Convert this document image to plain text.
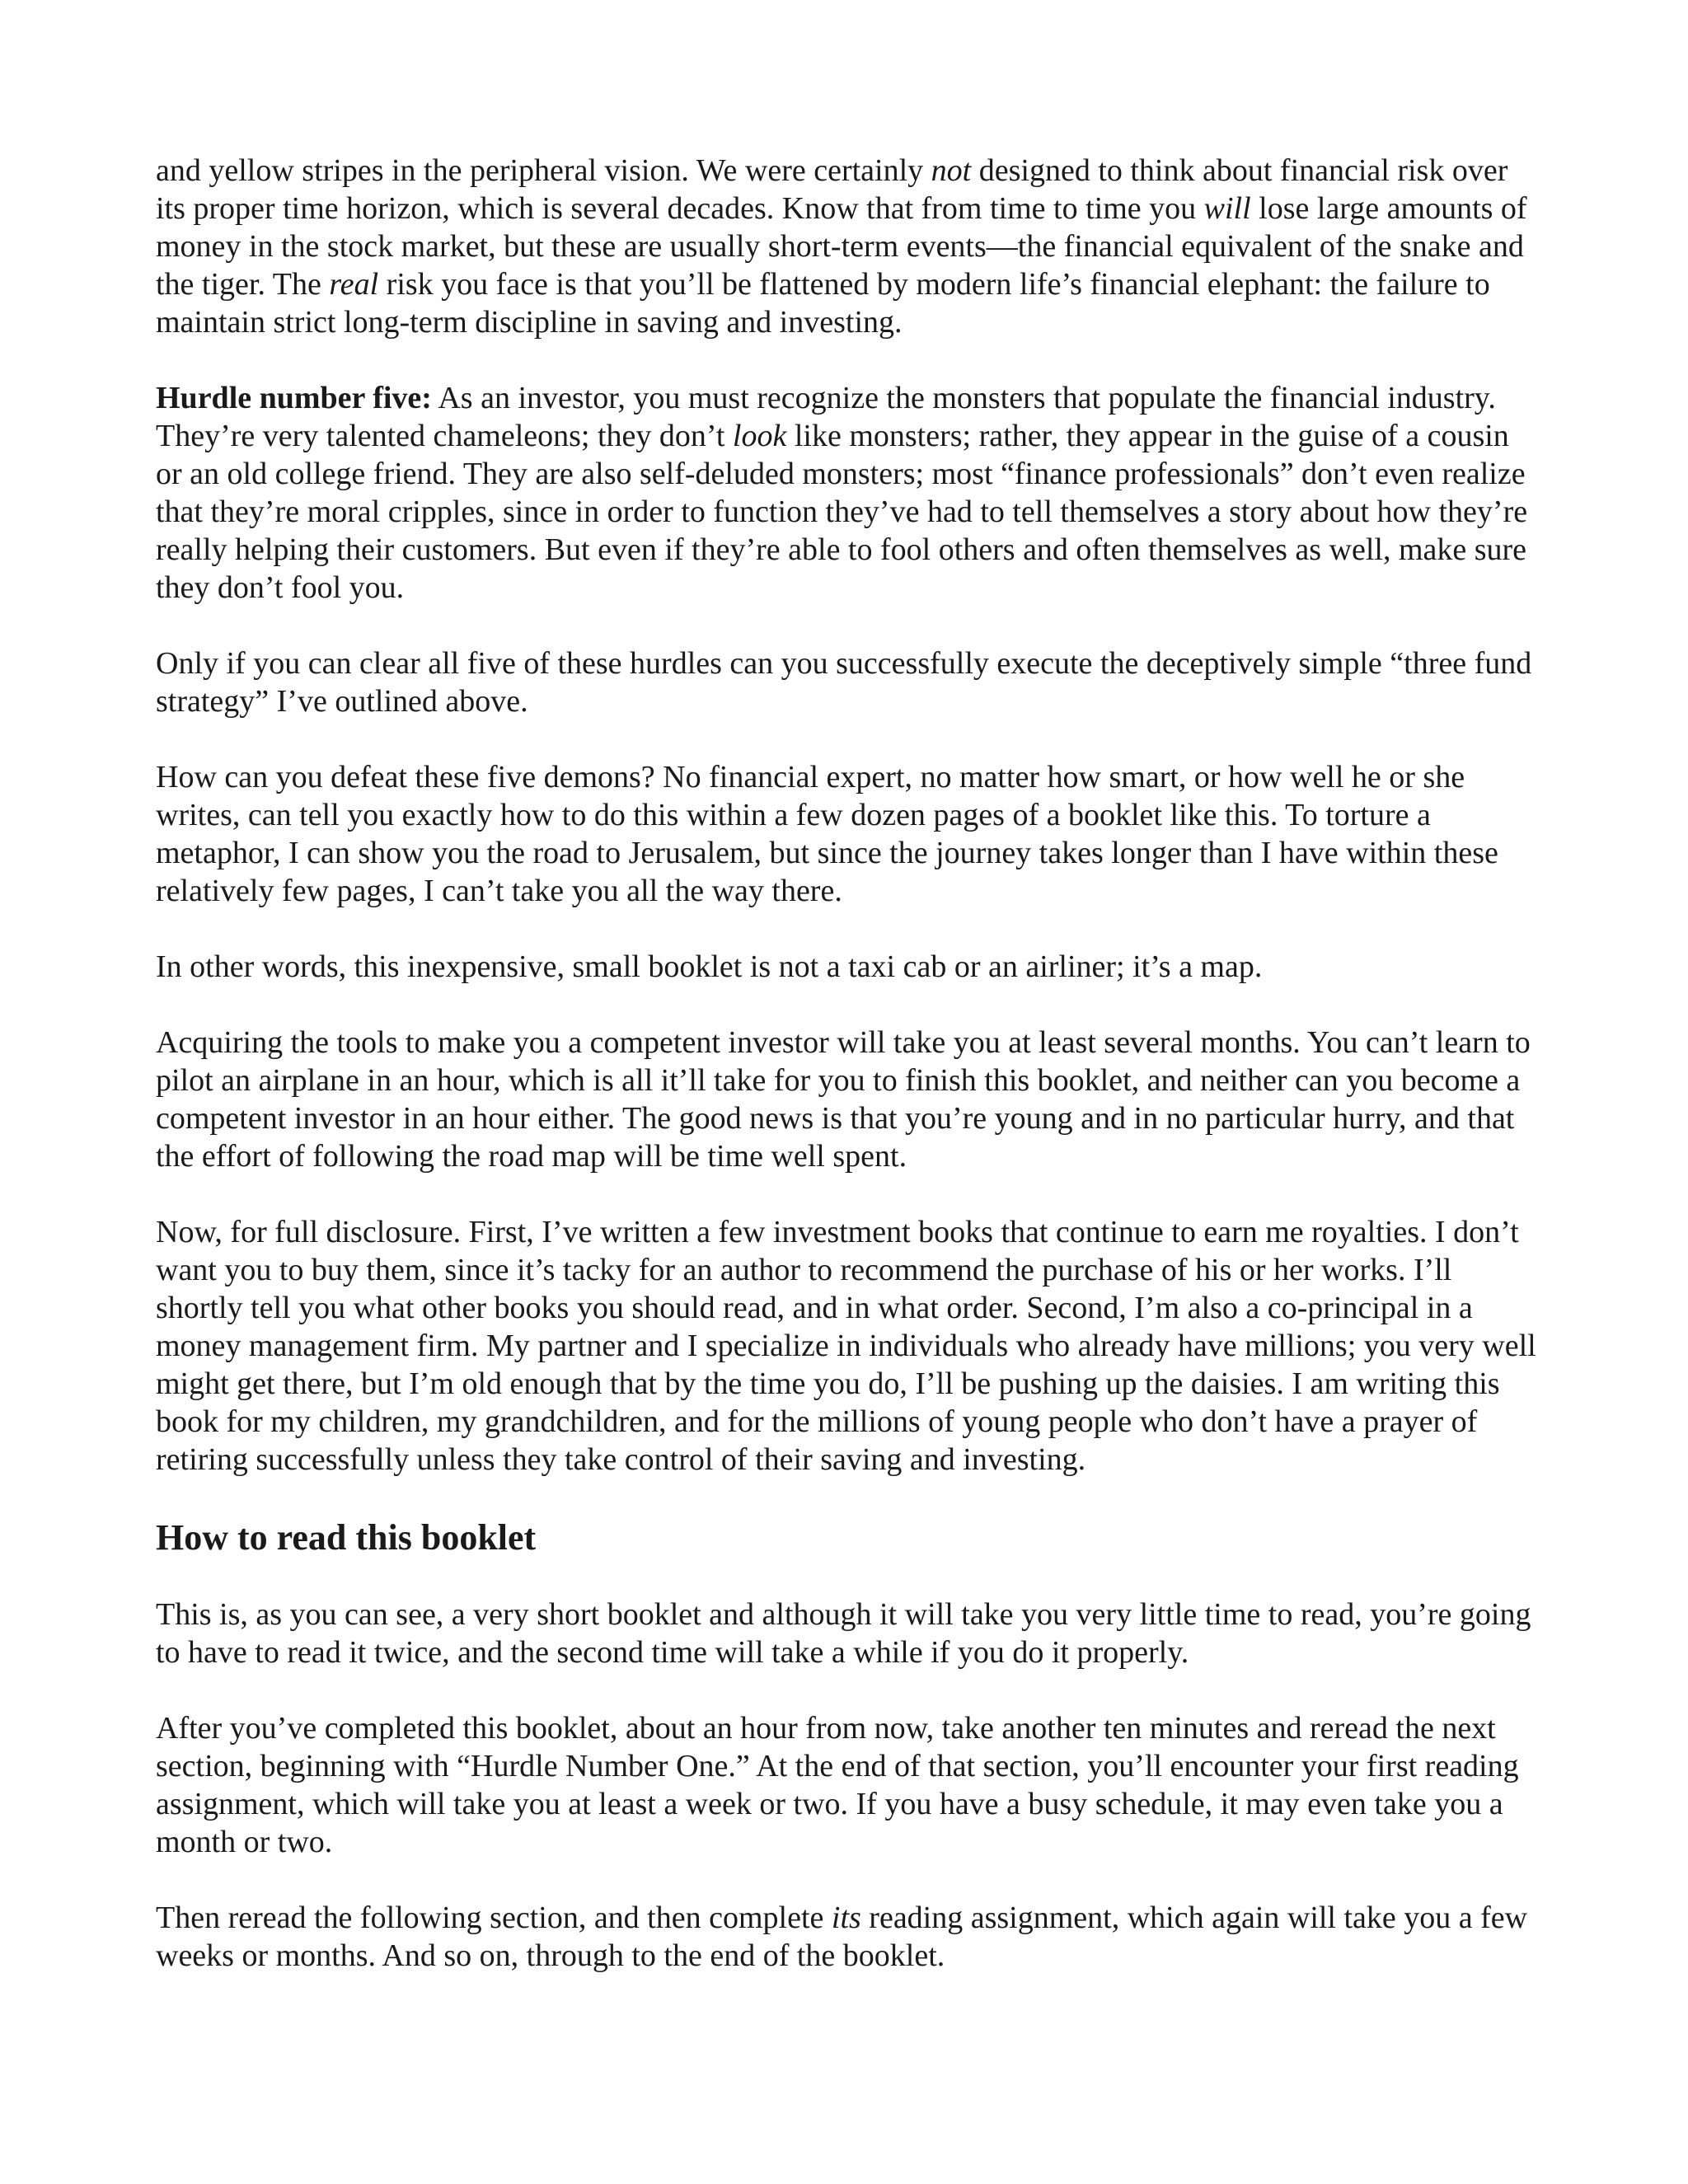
and yellow stripes in the peripheral vision. We were certainly not designed to think about financial risk over its proper time horizon, which is several decades. Know that from time to time you will lose large amounts of money in the stock market, but these are usually short-term events—the financial equivalent of the snake and the tiger. The real risk you face is that you’ll be flattened by modern life’s financial elephant: the failure to maintain strict long-term discipline in saving and investing.

Hurdle number five: As an investor, you must recognize the monsters that populate the financial industry. They’re very talented chameleons; they don’t look like monsters; rather, they appear in the guise of a cousin or an old college friend. They are also self-deluded monsters; most “finance professionals” don’t even realize that they’re moral cripples, since in order to function they’ve had to tell themselves a story about how they’re really helping their customers. But even if they’re able to fool others and often themselves as well, make sure they don’t fool you.

Only if you can clear all five of these hurdles can you successfully execute the deceptively simple “three fund strategy” I’ve outlined above.

How can you defeat these five demons? No financial expert, no matter how smart, or how well he or she writes, can tell you exactly how to do this within a few dozen pages of a booklet like this. To torture a metaphor, I can show you the road to Jerusalem, but since the journey takes longer than I have within these relatively few pages, I can’t take you all the way there.

In other words, this inexpensive, small booklet is not a taxi cab or an airliner; it’s a map.

Acquiring the tools to make you a competent investor will take you at least several months. You can’t learn to pilot an airplane in an hour, which is all it’ll take for you to finish this booklet, and neither can you become a competent investor in an hour either. The good news is that you’re young and in no particular hurry, and that the effort of following the road map will be time well spent.

Now, for full disclosure. First, I’ve written a few investment books that continue to earn me royalties. I don’t want you to buy them, since it’s tacky for an author to recommend the purchase of his or her works. I’ll shortly tell you what other books you should read, and in what order. Second, I’m also a co-principal in a money management firm. My partner and I specialize in individuals who already have millions; you very well might get there, but I’m old enough that by the time you do, I’ll be pushing up the daisies. I am writing this book for my children, my grandchildren, and for the millions of young people who don’t have a prayer of retiring successfully unless they take control of their saving and investing.

How to read this booklet

This is, as you can see, a very short booklet and although it will take you very little time to read, you’re going to have to read it twice, and the second time will take a while if you do it properly.

After you’ve completed this booklet, about an hour from now, take another ten minutes and reread the next section, beginning with “Hurdle Number One.” At the end of that section, you’ll encounter your first reading assignment, which will take you at least a week or two. If you have a busy schedule, it may even take you a month or two.

Then reread the following section, and then complete its reading assignment, which again will take you a few weeks or months. And so on, through to the end of the booklet.
